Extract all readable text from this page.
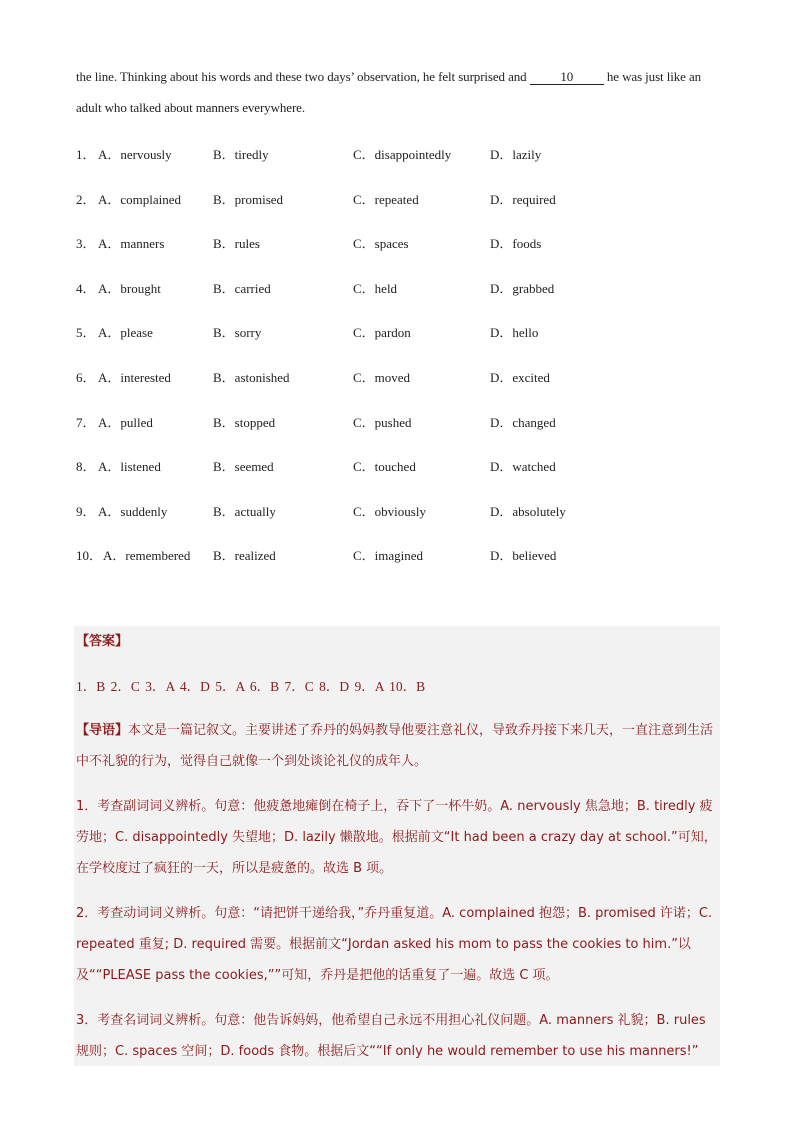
the line. Thinking about his words and these two days’ observation, he felt surprised and 10 he was just like an adult who talked about manners everywhere.
1． A．nervously	B．tiredly	C．disappointedly	D．lazily
2． A．complained B．promised	C．repeated	D．required
3． A．manners	B．rules	C．spaces	D．foods
4． A．brought	B．carried	C．held	D．grabbed
5． A．please	B．sorry	C．pardon	D．hello
6． A．interested	B．astonished	C．moved	D．excited
7． A．pulled	B．stopped	C．pushed	D．changed
8． A．listened	B．seemed	C．touched	D．watched
9． A．suddenly	B．actually	C．obviously	D．absolutely
10． A．remembered B．realized	C．imagined	D．believed
【答案】
1．B 2．C 3．A 4．D 5．A 6．B 7．C 8．D 9．A 10．B
【导语】本文是一篇记叙文。主要讲述了乔丹的妈妈教导他要注意礼仪，导致乔丹接下来几天，一直注意到生活中不礼貌的行为，觉得自己就像一个到处谈论礼仪的成年人。
1．考查副词词义辨析。句意：他疲惫地瘫倒在椅子上，吞下了一杯牛奶。A. nervously 焦急地；B. tiredly 疲劳地；C. disappointedly 失望地；D. lazily 懒散地。根据前文“It had been a crazy day at school.”可知，在学校度过了疯狂的一天，所以是疲惫的。故选 B 项。
2．考查动词词义辨析。句意：“请把饼干递给我，”乔丹重复道。A. complained 抱怨；B. promised 许诺；C. repeated 重复; D. required 需要。根据前文“Jordan asked his mom to pass the cookies to him.”以及““PLEASE pass the cookies,””可知，乔丹是把他的话重复了一遍。故选 C 项。
3．考查名词词义辨析。句意：他告诉妈妈，他希望自己永远不用担心礼仪问题。A. manners 礼貌；B. rules 规则；C. spaces 空间；D. foods 食物。根据后文““If only he would remember to use his manners!”
